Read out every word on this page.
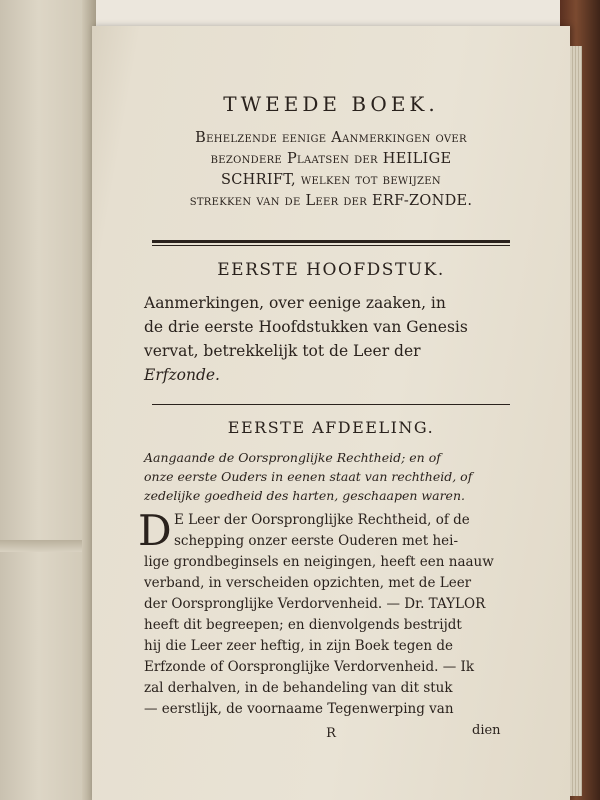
TWEEDE BOEK.
Behelzende eenige Aanmerkingen over
bezondere Plaatsen der HEILIGE
SCHRIFT, welken tot bewijzen
strekken van de Leer der ERF-ZONDE.
EERSTE HOOFDSTUK.
Aanmerkingen, over eenige zaaken, in
de drie eerste Hoofdstukken van Genesis
vervat, betrekkelijk tot de Leer der
Erfzonde.
EERSTE AFDEELING.
Aangaande de Oorspronglijke Rechtheid; en of
onze eerste Ouders in eenen staat van rechtheid, of
zedelijke goedheid des harten, geschaapen waren.
D E Leer der Oorspronglijke Rechtheid, of de
schepping onzer eerste Ouderen met hei-
lige grondbeginsels en neigingen, heeft een naauw
verband, in verscheiden opzichten, met de Leer
der Oorspronglijke Verdorvenheid. — Dr. TAYLOR
heeft dit begreepen; en dienvolgends bestrijdt
hij die Leer zeer heftig, in zijn Boek tegen de
Erfzonde of Oorspronglijke Verdorvenheid. — Ik
zal derhalven, in de behandeling van dit stuk
— eerstlijk, de voornaame Tegenwerping van
R	dien
